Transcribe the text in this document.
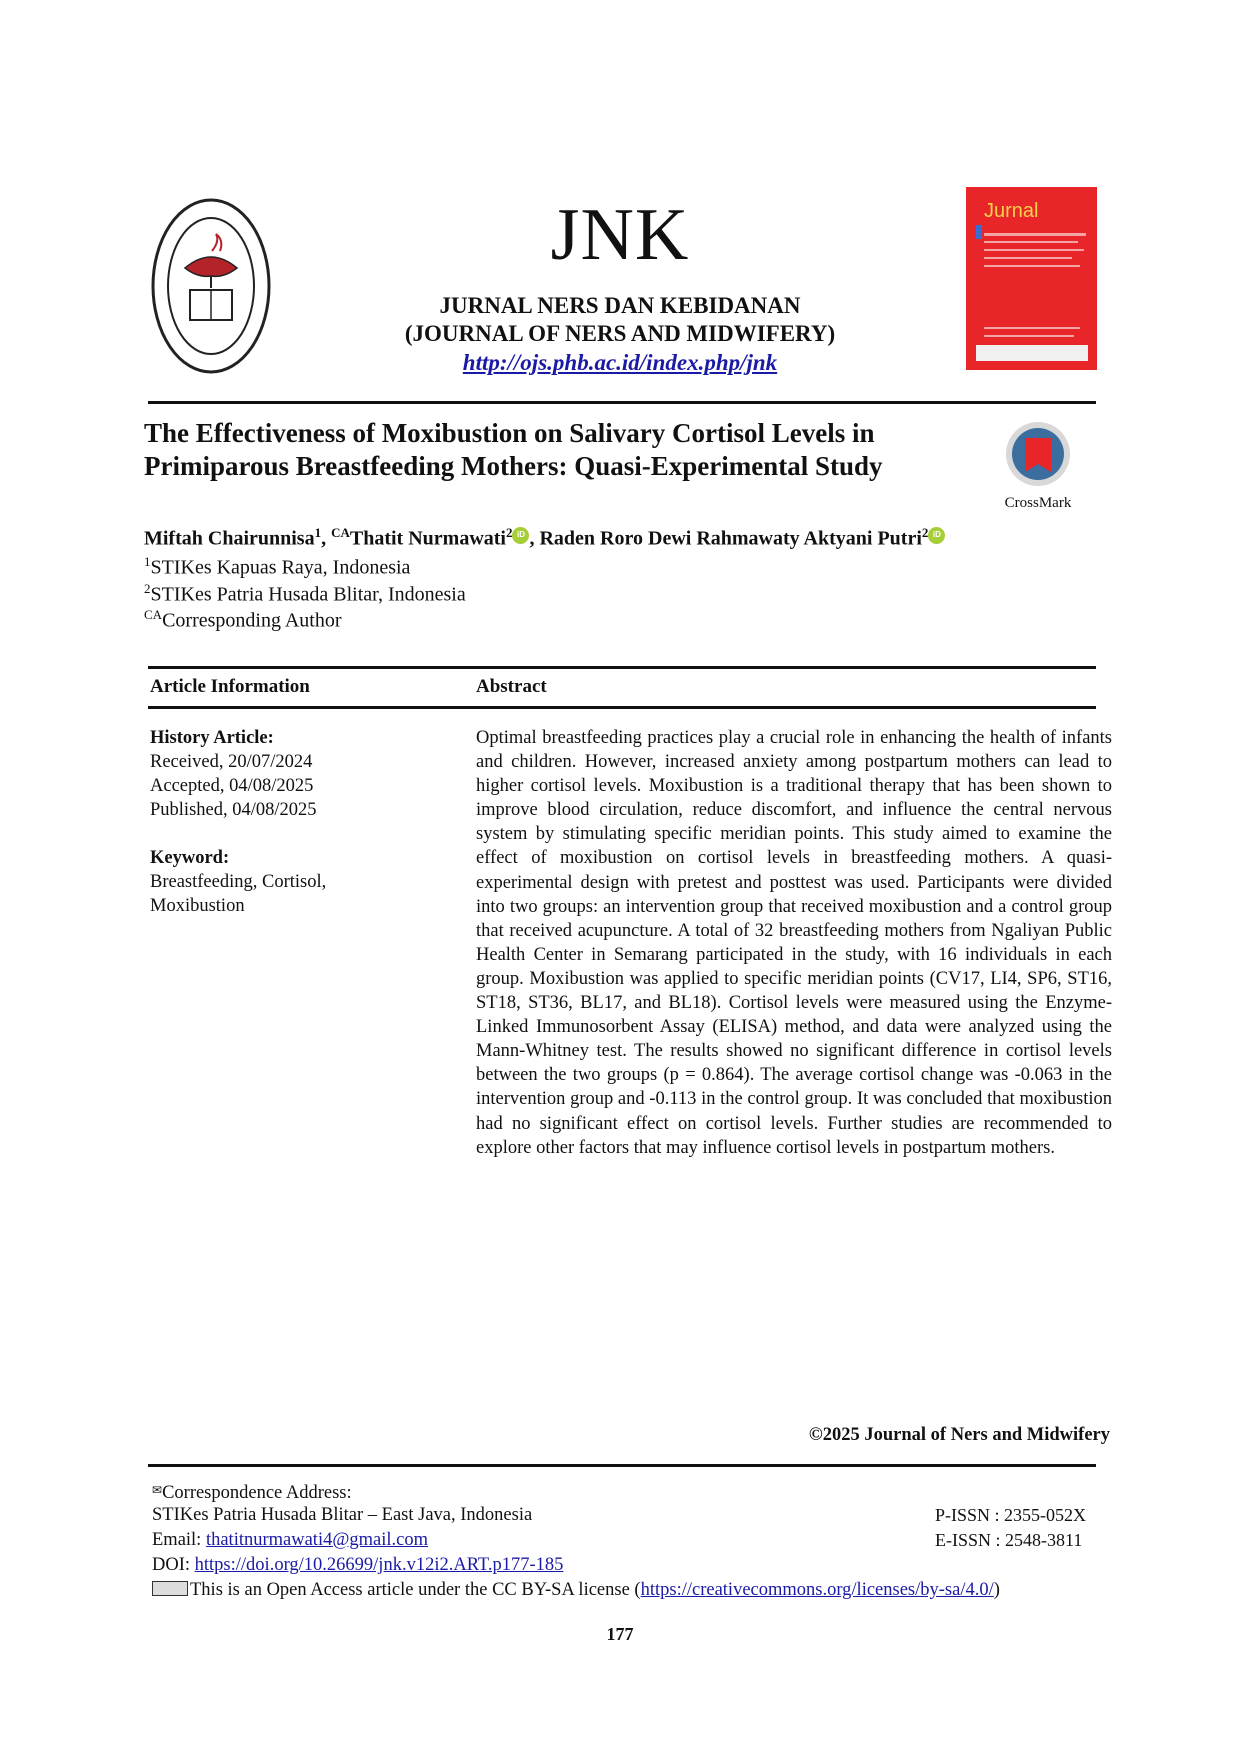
JNK
JURNAL NERS DAN KEBIDANAN
(JOURNAL OF NERS AND MIDWIFERY)
http://ojs.phb.ac.id/index.php/jnk
Jurnal
The Effectiveness of Moxibustion on Salivary Cortisol Levels in
Primiparous Breastfeeding Mothers: Quasi-Experimental Study
CrossMark
Miftah Chairunnisa$^1$, $^{CA}$Thatit Nurmawati$^2$iD , Raden Roro Dewi Rahmawaty Aktyani Putri$^2$iD
$^1$STIKes Kapuas Raya, Indonesia
$^2$STIKes Patria Husada Blitar, Indonesia
$^{CA}$Corresponding Author
Article Information	Abstract
History Article:
Received, 20/07/2024
Accepted, 04/08/2025
Published, 04/08/2025
Keyword:
Breastfeeding, Cortisol,
Moxibustion
Optimal breastfeeding practices play a crucial role in enhancing the health of infants and children. However, increased anxiety among postpartum mothers can lead to higher cortisol levels. Moxibustion is a traditional therapy that has been shown to improve blood circulation, reduce discomfort, and influence the central nervous system by stimulating specific meridian points. This study aimed to examine the effect of moxibustion on cortisol levels in breastfeeding mothers. A quasi-experimental design with pretest and posttest was used. Participants were divided into two groups: an intervention group that received moxibustion and a control group that received acupuncture. A total of 32 breastfeeding mothers from Ngaliyan Public Health Center in Semarang participated in the study, with 16 individuals in each group. Moxibustion was applied to specific meridian points (CV17, LI4, SP6, ST16, ST18, ST36, BL17, and BL18). Cortisol levels were measured using the Enzyme-Linked Immunosorbent Assay (ELISA) method, and data were analyzed using the Mann-Whitney test. The results showed no significant difference in cortisol levels between the two groups (p = 0.864). The average cortisol change was -0.063 in the intervention group and -0.113 in the control group. It was concluded that moxibustion had no significant effect on cortisol levels. Further studies are recommended to explore other factors that may influence cortisol levels in postpartum mothers.
©2025 Journal of Ners and Midwifery
✉Correspondence Address:
STIKes Patria Husada Blitar – East Java, Indonesia
Email: thatitnurmawati4@gmail.com
DOI: https://doi.org/10.26699/jnk.v12i2.ART.p177-185
This is an Open Access article under the CC BY-SA license (https://creativecommons.org/licenses/by-sa/4.0/)
P-ISSN : 2355-052X
E-ISSN : 2548-3811
177
